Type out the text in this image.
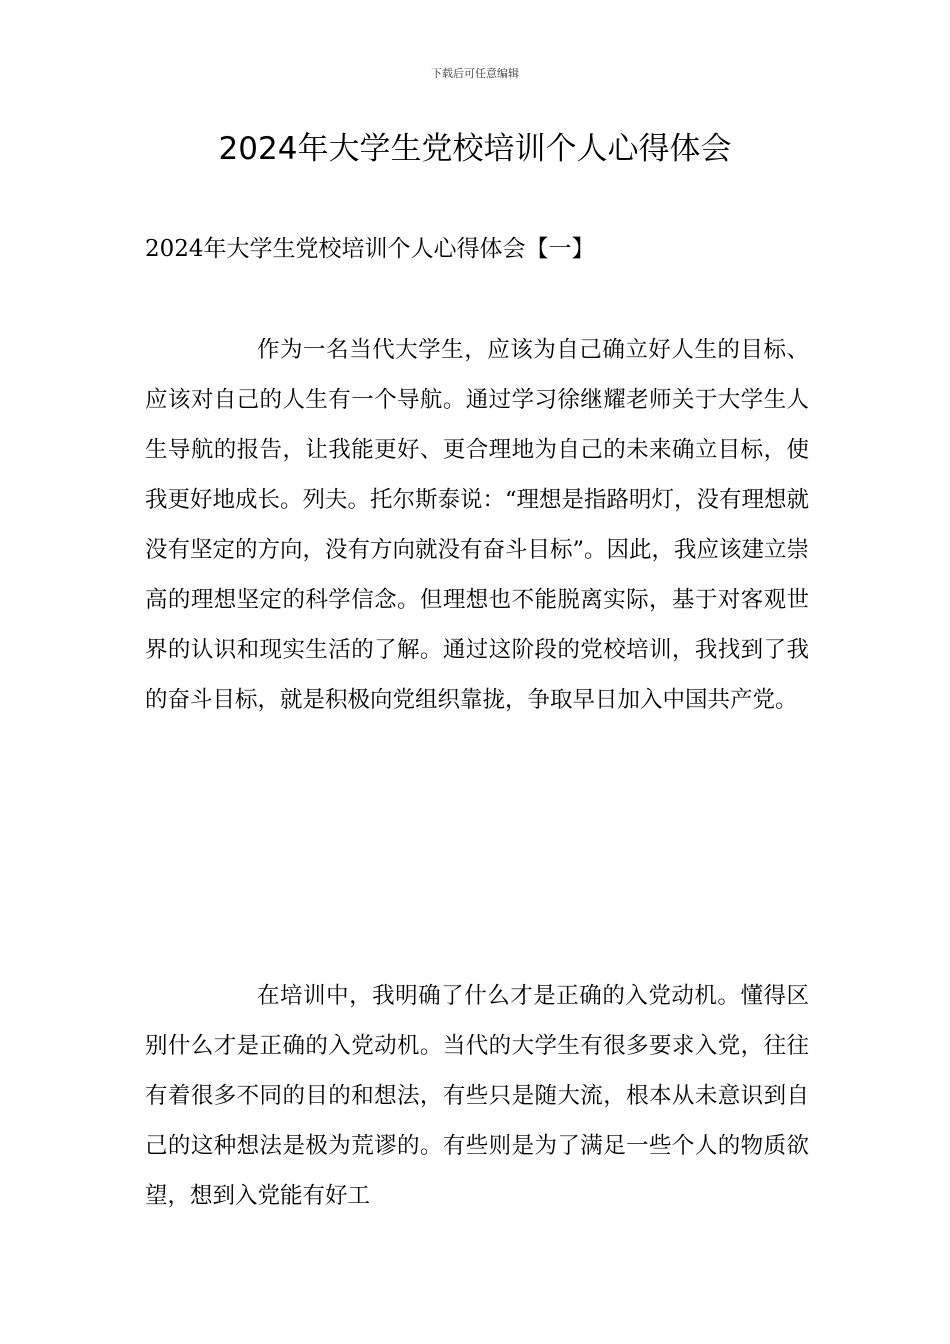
下载后可任意编辑
2024年大学生党校培训个人心得体会
2024年大学生党校培训个人心得体会【一】

作为一名当代大学生，应该为自己确立好人生的目标、应该对自己的人生有一个导航。通过学习徐继耀老师关于大学生人生导航的报告，让我能更好、更合理地为自己的未来确立目标，使我更好地成长。列夫。托尔斯泰说：“理想是指路明灯，没有理想就没有坚定的方向，没有方向就没有奋斗目标”。因此，我应该建立崇高的理想坚定的科学信念。但理想也不能脱离实际，基于对客观世界的认识和现实生活的了解。通过这阶段的党校培训，我找到了我的奋斗目标，就是积极向党组织靠拢，争取早日加入中国共产党。

在培训中，我明确了什么才是正确的入党动机。懂得区别什么才是正确的入党动机。当代的大学生有很多要求入党，往往有着很多不同的目的和想法，有些只是随大流，根本从未意识到自己的这种想法是极为荒谬的。有些则是为了满足一些个人的物质欲望，想到入党能有好工
